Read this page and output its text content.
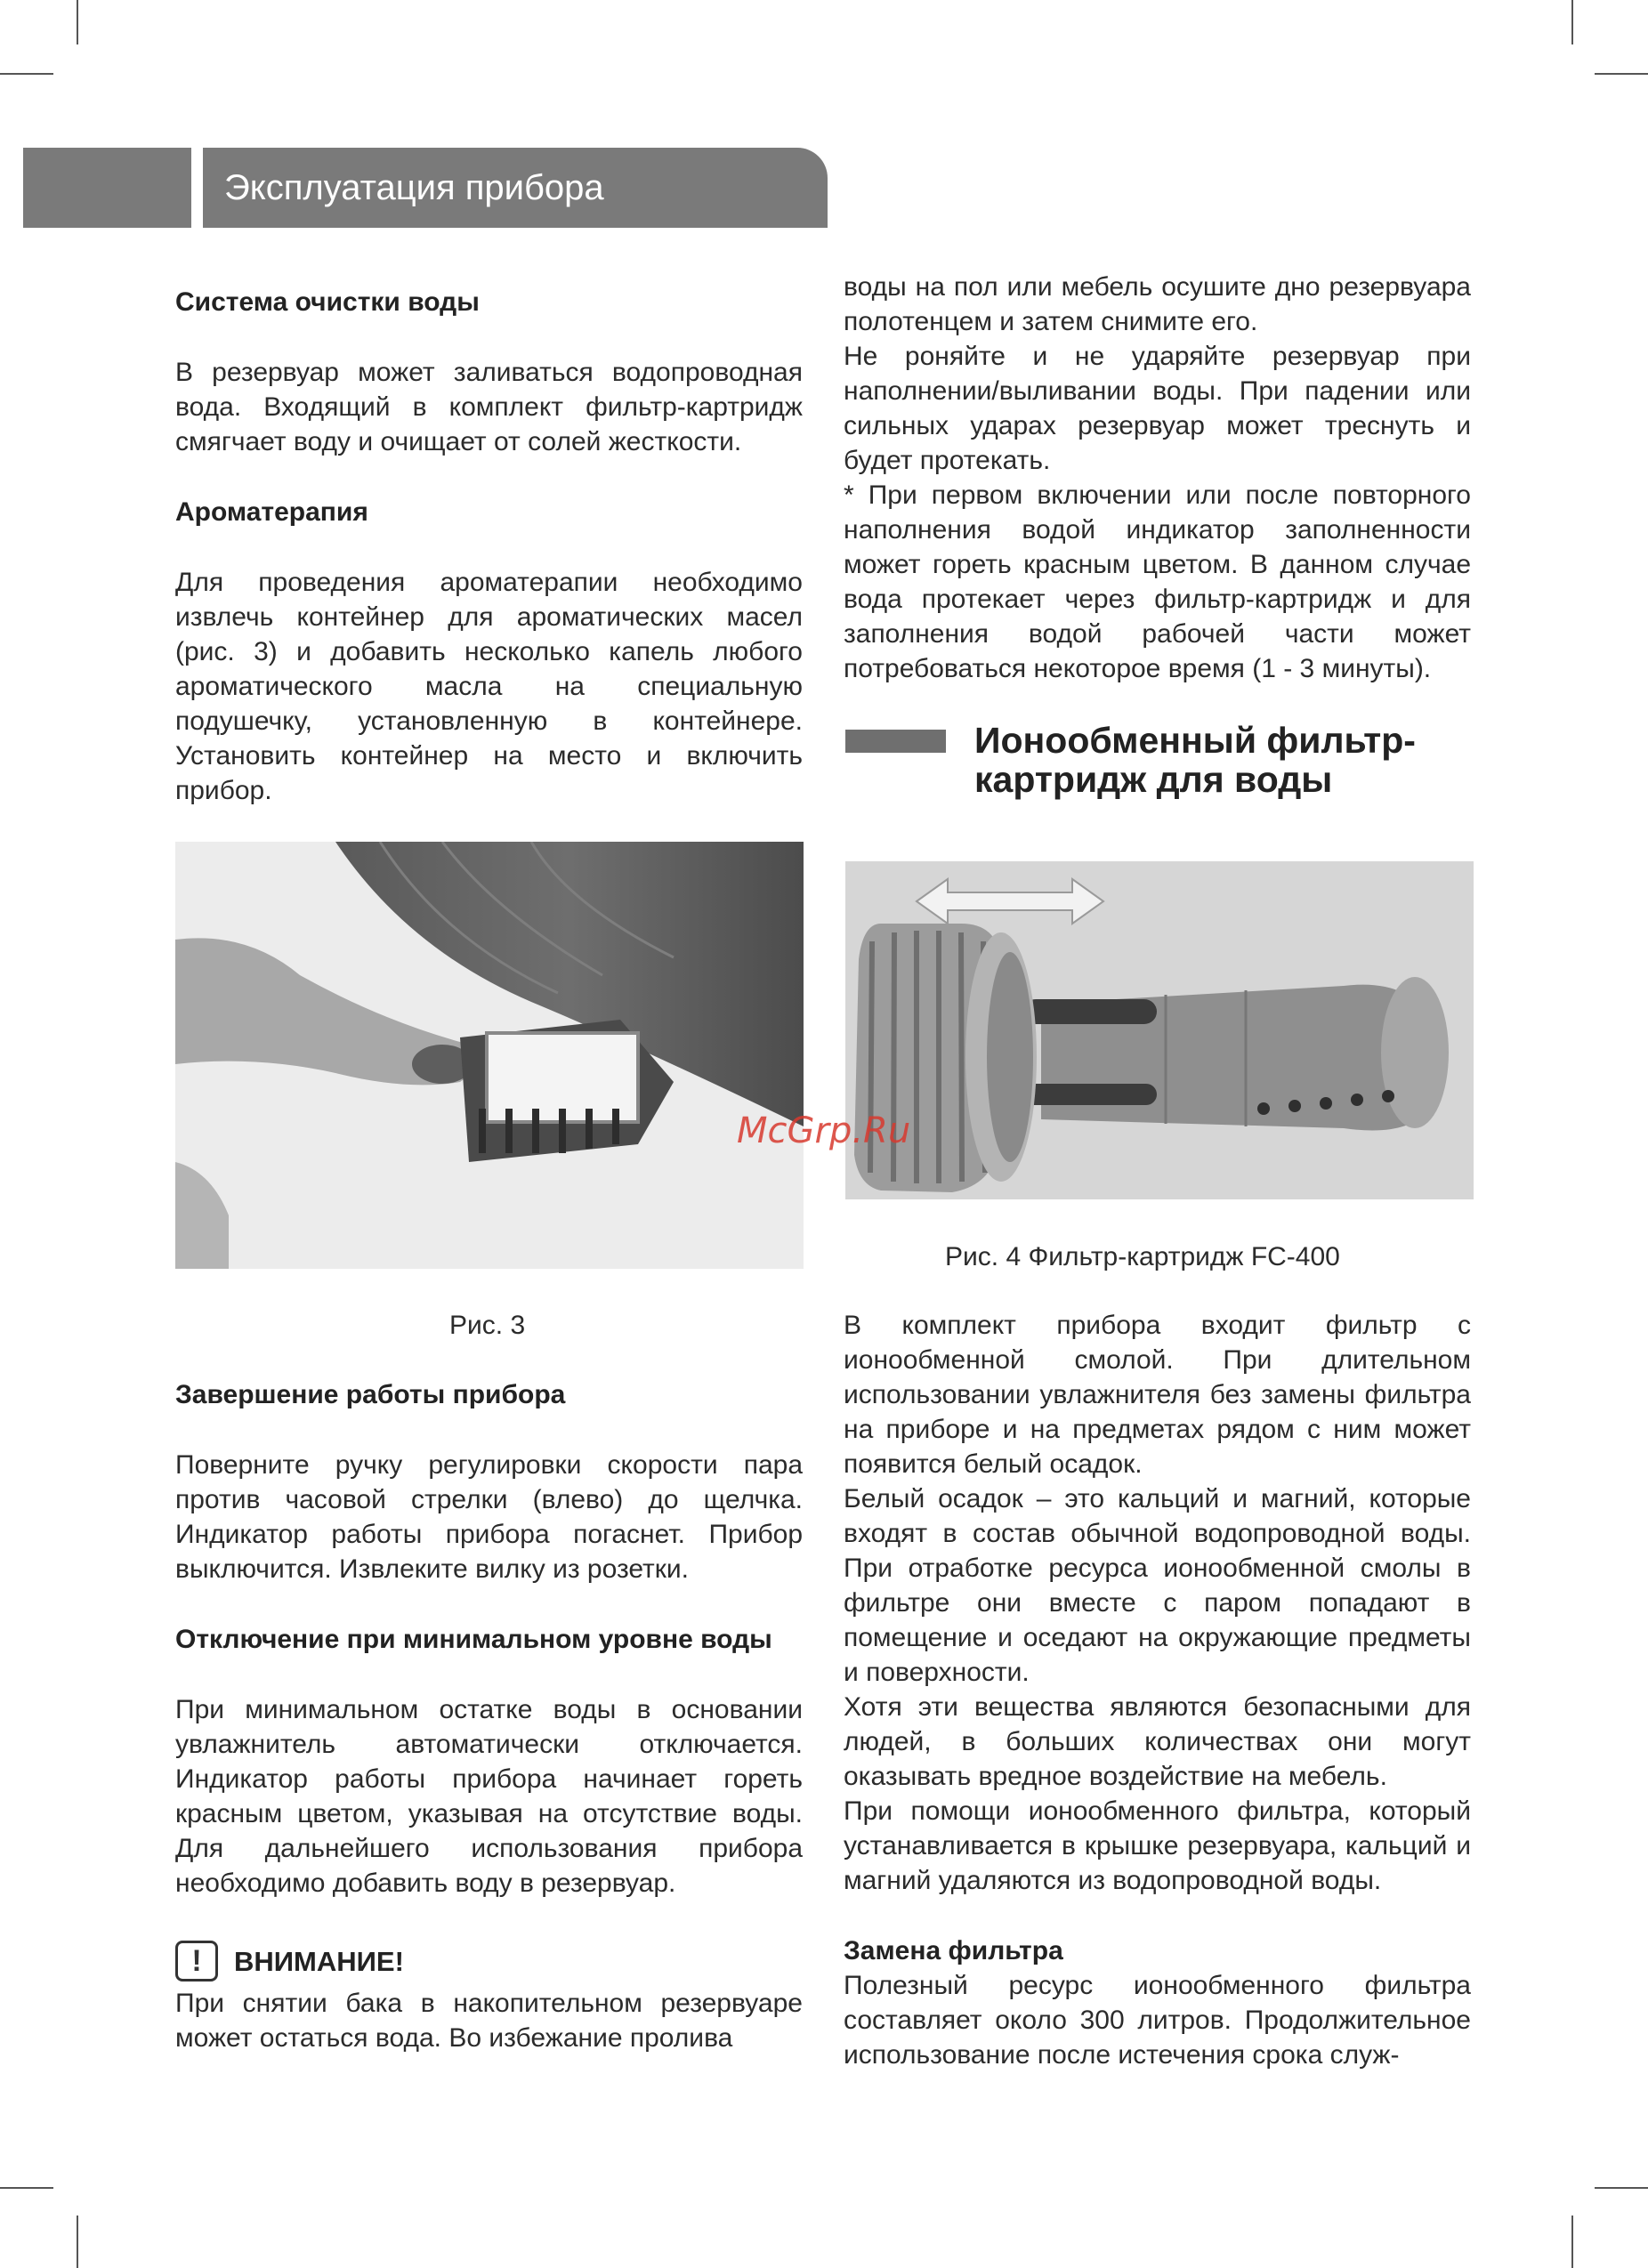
Эксплуатация прибора
Система очистки воды

В резервуар может заливаться водопроводная вода. Входящий в комплект фильтр-картридж смягчает воду и очищает от солей жесткости.

Ароматерапия

Для проведения ароматерапии необходимо извлечь контейнер для ароматических масел (рис. 3) и добавить несколько капель любого ароматического масла на специальную подушечку, установленную в контейнере. Установить контейнер на место и включить прибор.

Рис. 3
Завершение работы прибора

Поверните ручку регулировки скорости пара против часовой стрелки (влево) до щелчка. Индикатор работы прибора погаснет. Прибор выключится. Извлеките вилку из розетки.

Отключение при минимальном уровне воды

При минимальном остатке воды в основании увлажнитель автоматически отключается. Индикатор работы прибора начинает гореть красным цветом, указывая на отсутствие воды. Для дальнейшего использования прибора необходимо добавить воду в резервуар.

!	ВНИМАНИЕ!

При снятии бака в накопительном резервуаре может остаться вода. Во избежание пролива

воды на пол или мебель осушите дно резервуара полотенцем и затем снимите его.

Не роняйте и не ударяйте резервуар при наполнении/выливании воды. При падении или сильных ударах резервуар может треснуть и будет протекать.

* При первом включении или после повторного наполнения водой индикатор заполненности может гореть красным цветом. В данном случае вода протекает через фильтр-картридж и для заполнения водой рабочей части может потребоваться некоторое время (1 - 3 минуты).

Ионообменный фильтр-картридж для воды
McGrp.Ru
Рис. 4 Фильтр-картридж FC-400

В комплект прибора входит фильтр с ионообменной смолой. При длительном использовании увлажнителя без замены фильтра на приборе и на предметах рядом с ним может появится белый осадок.

Белый осадок – это кальций и магний, которые входят в состав обычной водопроводной воды. При отработке ресурса ионообменной смолы в фильтре они вместе с паром попадают в помещение и оседают на окружающие предметы и поверхности.

Хотя эти вещества являются безопасными для людей, в больших количествах они могут оказывать вредное воздействие на мебель.

При помощи ионообменного фильтра, который устанавливается в крышке резервуара, кальций и магний удаляются из водопроводной воды.

Замена фильтра

Полезный ресурс ионообменного фильтра составляет около 300 литров. Продолжительное использование после истечения срока служ-
